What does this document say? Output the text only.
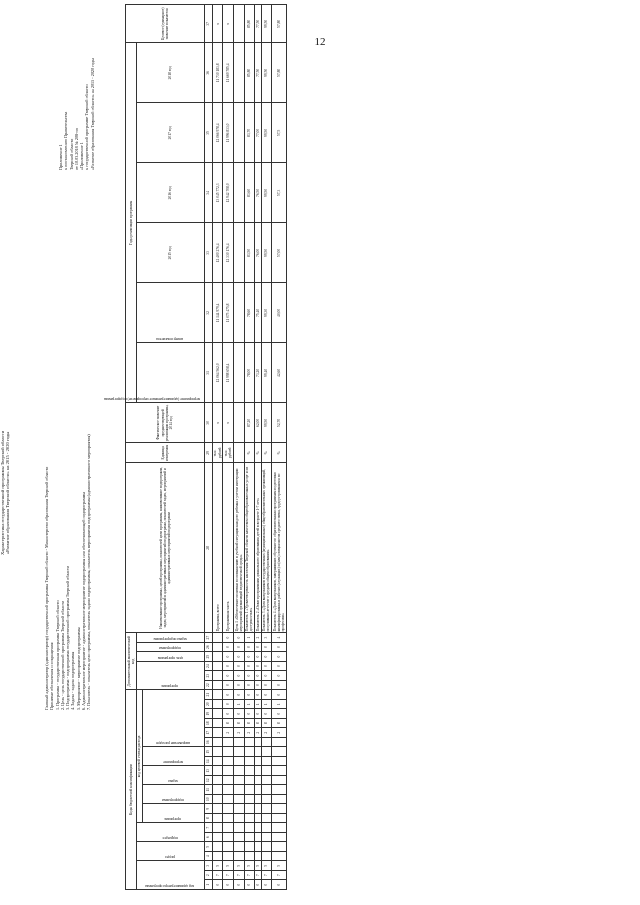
12
Характеристика государственной программы Тверской области «Развитие образования Тверской области» на 2015 - 2020 годы
Приложение 1 к постановлению Правительства Тверской области от 10.03.2018 № 208-пп «Приложение 1 к государственной программе Тверской области «Развитие образования Тверской области» на 2015 - 2020 годы
Главный администратор (администратор) государственной программы Тверской области - Министерство образования Тверской области Принятые обозначения и сокращения: 1. Программа - государственная программа Тверской области 2. Цель - цель государственной программы Тверской области 3. Подпрограмма - подпрограмма государственной программы Тверской области 4. Задача - задача подпрограммы 5. Мероприятие - мероприятие подпрограммы 6. Административное мероприятие - административное мероприятие подпрограммы или обеспечивающей подпрограммы 7. Показатель - показатель цели программы, показатель задачи подпрограммы, показатель мероприятия подпрограммы (административного мероприятия)
Коды бюджетной классификации																					Дополнительный аналитический код						Наименование программы, целей программы, показателей цели программы, наименование подпрограмм, задач, мероприятий и административных мероприятий подпрограмм, показателей задач, мероприятий и административных мероприятий подпрограмм	Единица измерения	Фактическое значение предшествующей реализации программы, 2014 год	Годы реализации программы						Целевое (суммарное) значение показателя	

код администратора программы			раздел		подраздел		код целевой статьи расхода														программа			цель программы	подпрограмма	задача подпрограммы				мероприятие (административное мероприятие) подпрограммы	номер показателя	2015 год	2016 год	2017 год	2018 год		

							программа		подпрограмма		задача		мероприятие		направление расходов																						

1	2	3	4	5	6	7	8	9	10	11	12	13	14	15	16	17	18	19	20	21	22	23	24	25	26	27	28	29	30	31	32	33	34	35	36	37	
0	7	5																									Программа, всего	тыс. рублей	х	12 064 562,0	11 144 979,4	12 400 276,4	13 045 772,3	12 066 978,4	11 730 183,8	х	
0	7	5														2	8	0	0	0	0	0	0	0	0	0	Программная часть	тыс. рублей	х	11 998 658,4	11 075 475,8	12 330 176,4	12 942 708,0	11 996 833,0	11 669 785,4	х	
0	7	5														2	8	0	1	0	0	0	0	0	0	0	Цель 1 «Обеспечение политики по повышению в учебной ситуации каждого ребенка с учетом интеграции мероприятий организаций педагогической среды»										
0	7	5														2	8	0	1	0	0	0	0	0	0	1	Показатель 1 «Удовлетворенность населения Тверской области качеством общеобразовательных услуг и их доступностью»	%	87,20	78,00	78,60	83,50	83,60	83,70	85,80	85,80	
0	7	5														2	8	0	1	0	0	0	0	0	0	2	Показатель 2 «Охват программами дошкольного образования детей в возрасте 1-7 лет»	%	62,00	73,20	75,40	76,00	76,50	77,00	77,50	77,50	
0	7	5														2	8	0	1	0	0	0	0	0	0	3	Показатель 3 «Доля выпускников государственных (муниципальных) общеобразовательных организаций, получивших аттестат о среднем общем образовании»	%	99,50	99,40	99,30	99,50	99,50	99,50	99,50	99,50	
0	7	5														2	8	0	1	0	0	0	0	0	0	4	Показатель 4 «Доля выпускников, завершивших обучение по образовательным программам подготовки квалифицированных рабочих (служащих) и (или) специалистов среднего звена, трудоустроившихся по профессии»	%	52,70	42,60	40,00	57,00	57,3	57,5	57,80	57,80	
